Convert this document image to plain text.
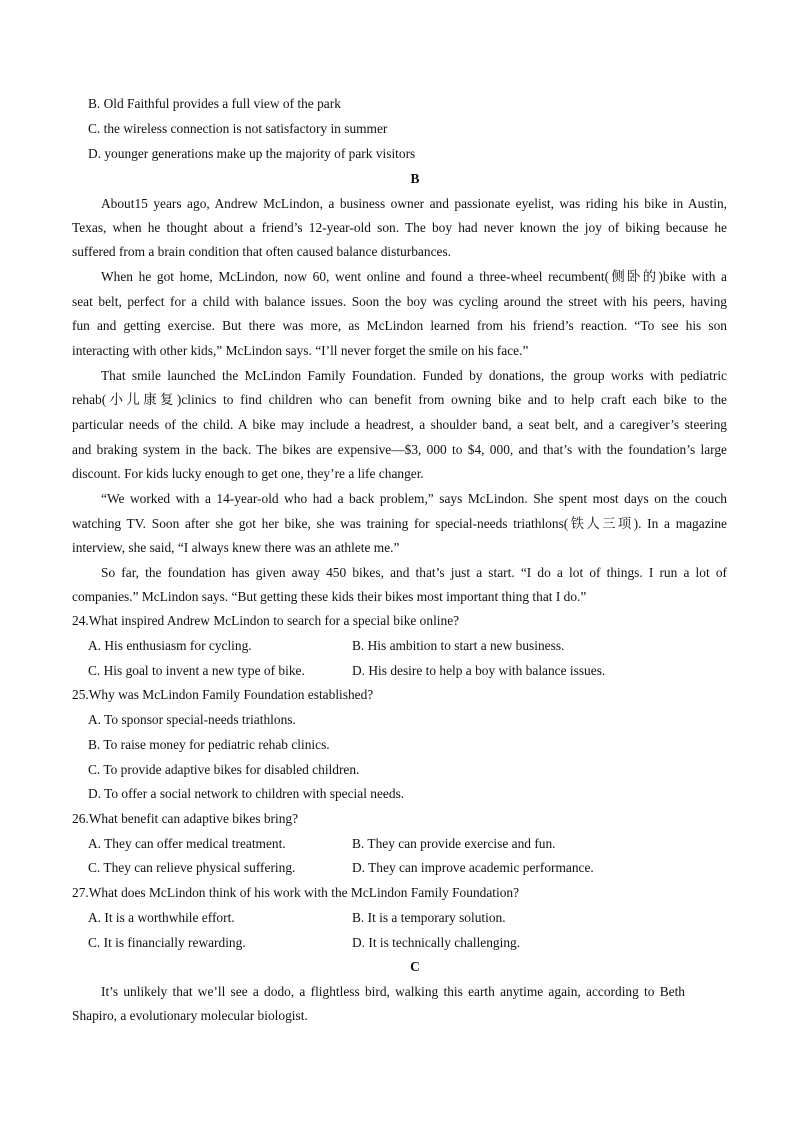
B. Old Faithful provides a full view of the park
C. the wireless connection is not satisfactory in summer
D. younger generations make up the majority of park visitors
B
About15 years ago, Andrew McLindon, a business owner and passionate eyelist, was riding his bike in Austin,
Texas, when he thought about a friend’s 12-year-old son. The boy had never known the joy of biking because he
suffered from a brain condition that often caused balance disturbances.
When he got home, McLindon, now 60, went online and found a three-wheel recumbent(侧卧的)bike with a
seat belt, perfect for a child with balance issues. Soon the boy was cycling around the street with his peers, having
fun and getting exercise. But there was more, as McLindon learned from his friend’s reaction. “To see his son
interacting with other kids,” McLindon says. “I’ll never forget the smile on his face.”
That smile launched the McLindon Family Foundation. Funded by donations, the group works with pediatric
rehab(小儿康复)clinics to find children who can benefit from owning bike and to help craft each bike to the
particular needs of the child. A bike may include a headrest, a shoulder band, a seat belt, and a caregiver’s steering
and braking system in the back. The bikes are expensive—$3, 000 to $4, 000, and that’s with the foundation’s large
discount. For kids lucky enough to get one, they’re a life changer.
“We worked with a 14-year-old who had a back problem,” says McLindon. She spent most days on the couch
watching TV. Soon after she got her bike, she was training for special-needs triathlons(铁人三项). In a magazine
interview, she said, “I always knew there was an athlete me.”
So far, the foundation has given away 450 bikes, and that’s just a start. “I do a lot of things. I run a lot of
companies.” McLindon says. “But getting these kids their bikes most important thing that I do.”
24.What inspired Andrew McLindon to search for a special bike online?
A. His enthusiasm for cycling.	B. His ambition to start a new business.
C. His goal to invent a new type of bike.	D. His desire to help a boy with balance issues.
25.Why was McLindon Family Foundation established?
A. To sponsor special-needs triathlons.
B. To raise money for pediatric rehab clinics.
C. To provide adaptive bikes for disabled children.
D. To offer a social network to children with special needs.
26.What benefit can adaptive bikes bring?
A. They can offer medical treatment.	B. They can provide exercise and fun.
C. They can relieve physical suffering.	D. They can improve academic performance.
27.What does McLindon think of his work with the McLindon Family Foundation?
A. It is a worthwhile effort.	B. It is a temporary solution.
C. It is financially rewarding.	D. It is technically challenging.
C
It’s unlikely that we’ll see a dodo, a flightless bird, walking this earth anytime again, according to Beth
Shapiro, a evolutionary molecular biologist.
